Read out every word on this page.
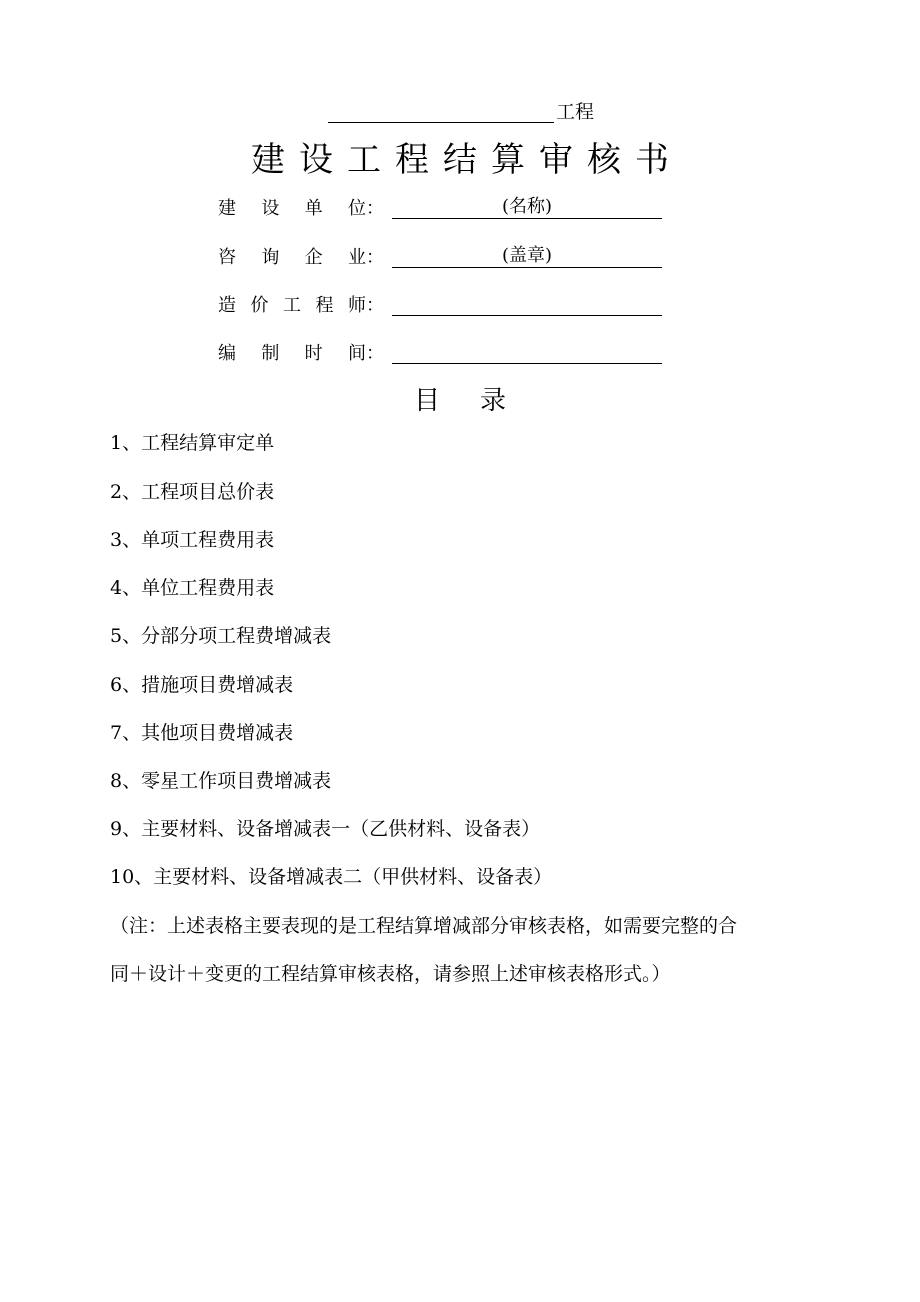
工程
建设工程结算审核书
建设单位：	(名称)
咨询企业：	(盖章)
造价工程师：
编制时间：
目录
1、工程结算审定单
2、工程项目总价表
3、单项工程费用表
4、单位工程费用表
5、分部分项工程费增减表
6、措施项目费增减表
7、其他项目费增减表
8、零星工作项目费增减表
9、主要材料、设备增减表一（乙供材料、设备表）
10、主要材料、设备增减表二（甲供材料、设备表）
（注：上述表格主要表现的是工程结算增减部分审核表格，如需要完整的合
同＋设计＋变更的工程结算审核表格，请参照上述审核表格形式。）
